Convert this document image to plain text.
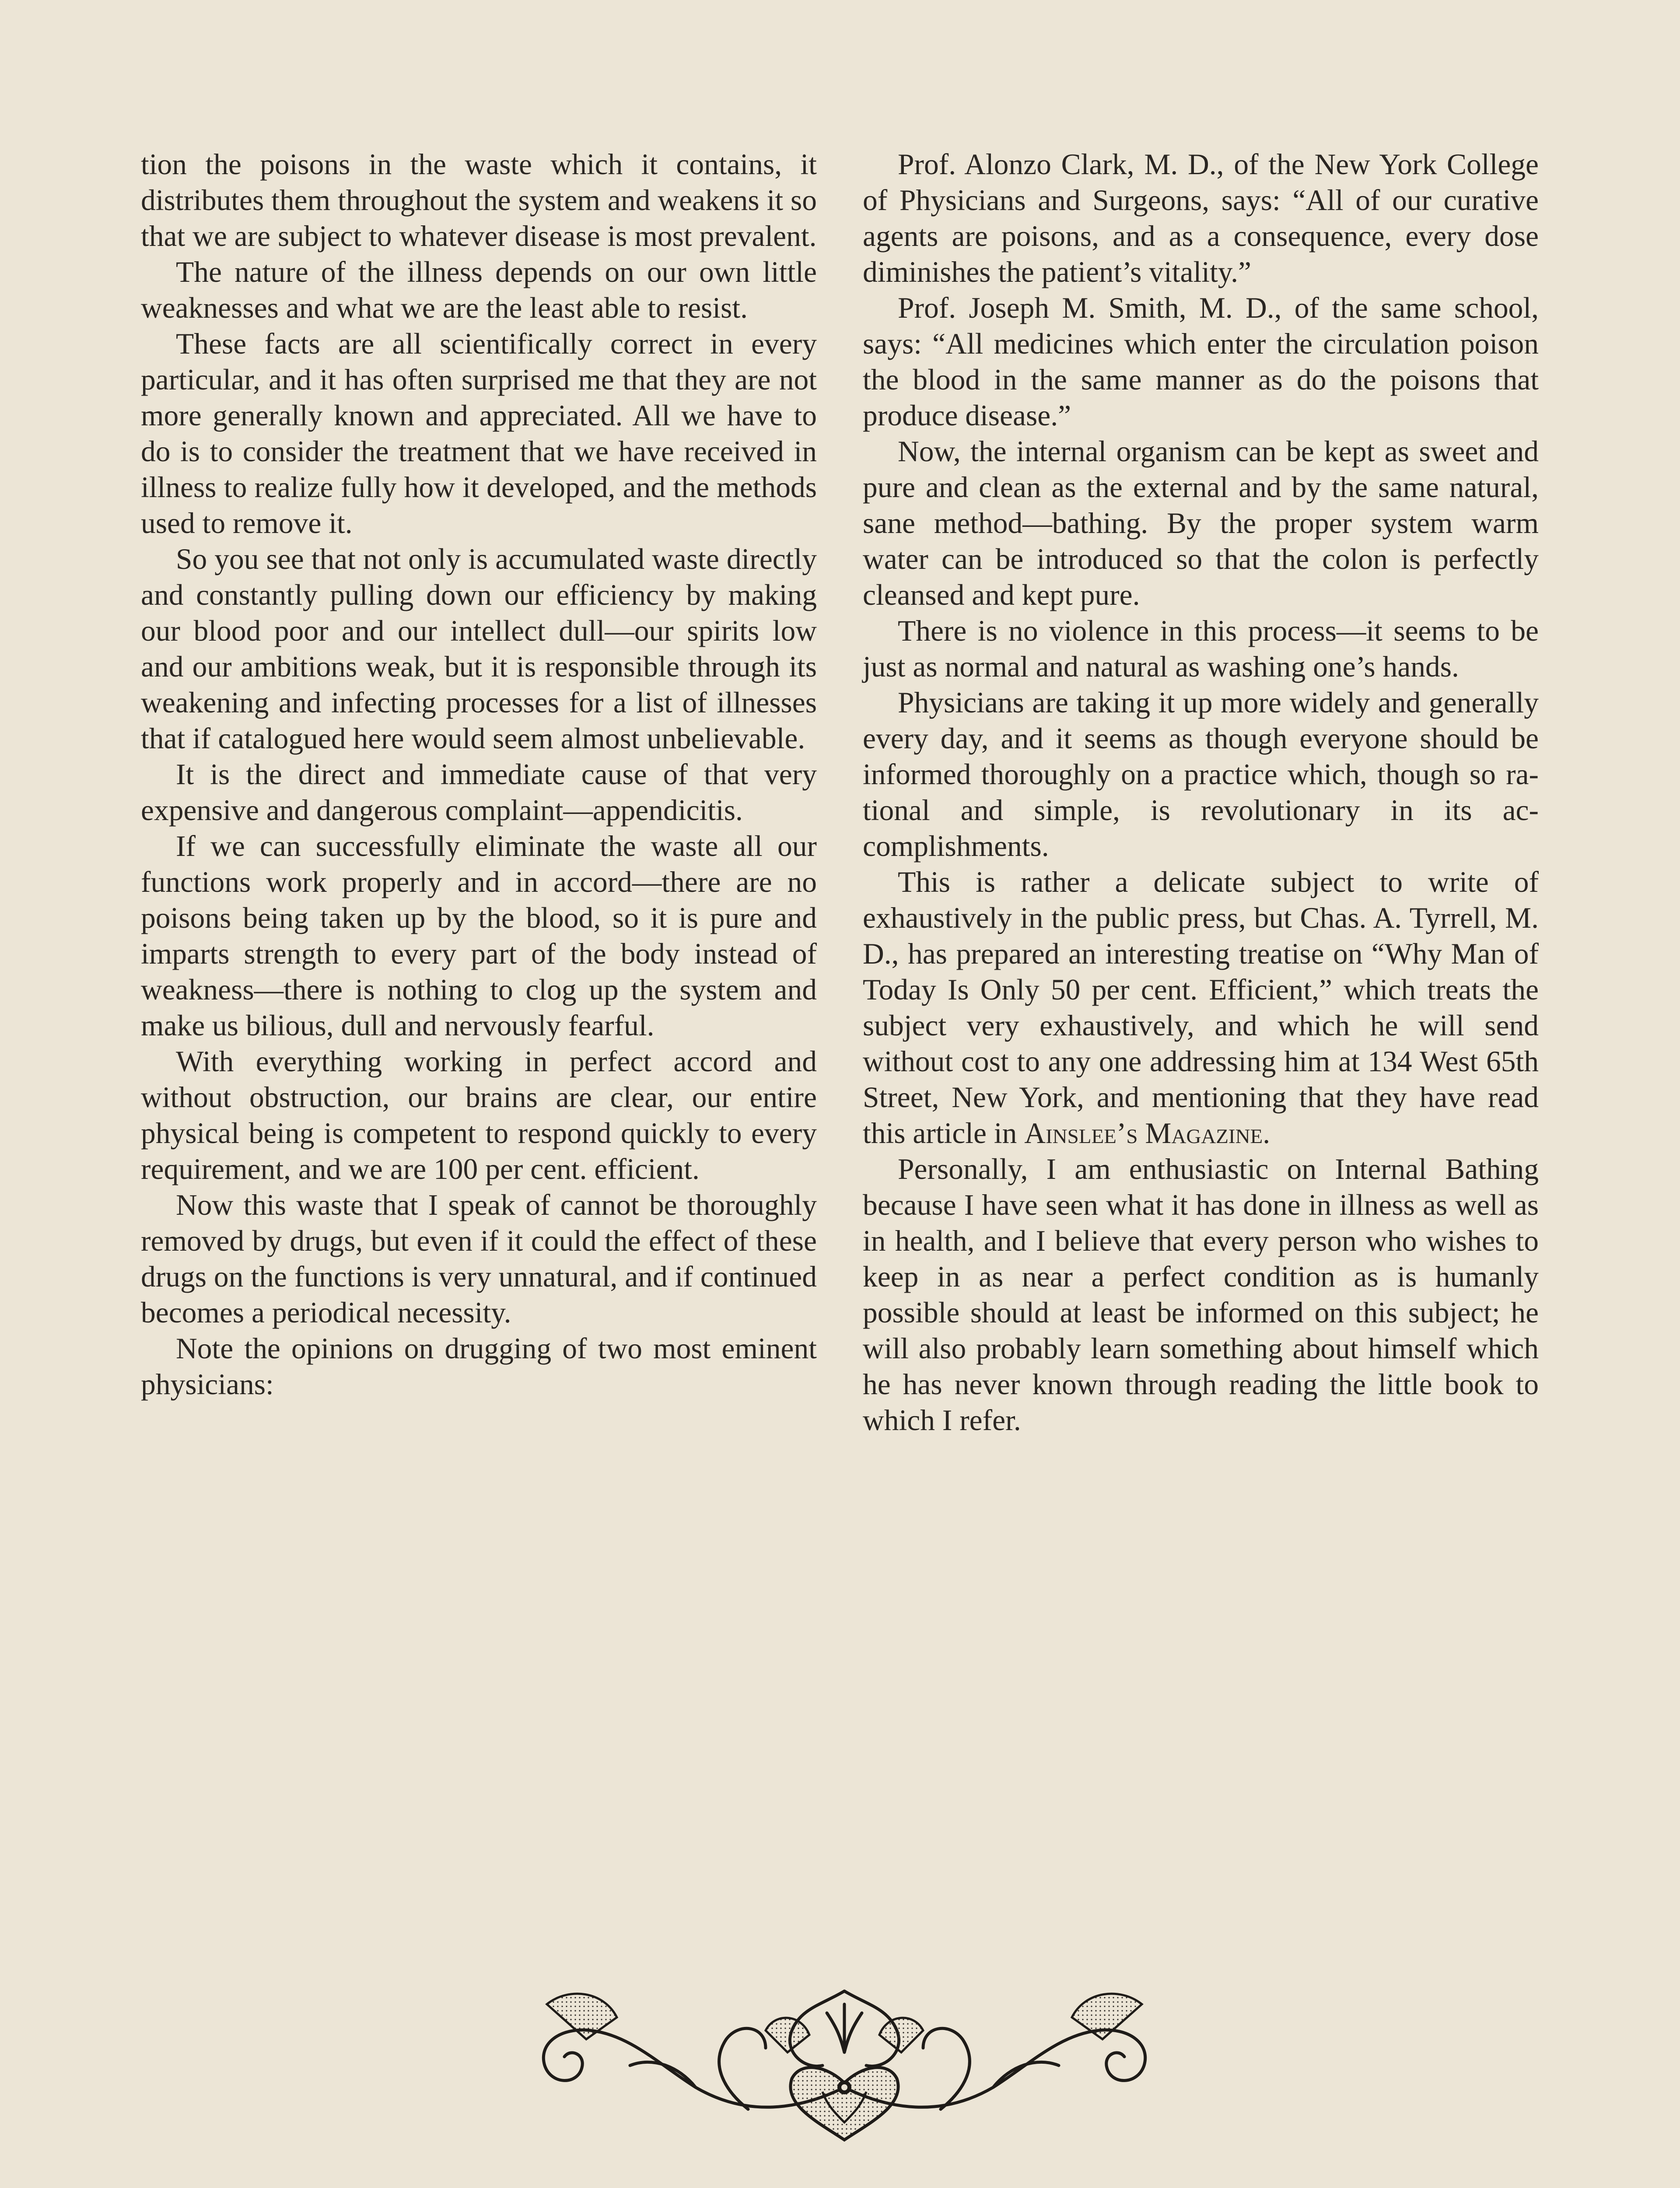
tion the poisons in the waste which it contains, it distributes them throughout the system and weakens it so that we are subject to whatever disease is most prevalent.

The nature of the illness depends on our own little weaknesses and what we are the least able to resist.

These facts are all scientifically correct in every particular, and it has often surprised me that they are not more generally known and appreciated. All we have to do is to consider the treatment that we have received in illness to realize fully how it developed, and the methods used to remove it.

So you see that not only is accumulated waste directly and constantly pulling down our efficiency by making our blood poor and our intellect dull—our spirits low and our ambitions weak, but it is responsible through its weakening and infecting processes for a list of illnesses that if catalogued here would seem almost unbelievable.

It is the direct and immediate cause of that very expensive and dangerous complaint—appendicitis.

If we can successfully eliminate the waste all our functions work properly and in accord—there are no poisons being taken up by the blood, so it is pure and imparts strength to every part of the body instead of weakness—there is nothing to clog up the system and make us bilious, dull and nervously fearful.

With everything working in perfect accord and without obstruction, our brains are clear, our entire physical being is competent to respond quickly to every requirement, and we are 100 per cent. efficient.

Now this waste that I speak of cannot be thoroughly removed by drugs, but even if it could the effect of these drugs on the functions is very unnatural, and if continued becomes a periodical necessity.

Note the opinions on drugging of two most eminent physicians:

Prof. Alonzo Clark, M. D., of the New York College of Physicians and Surgeons, says: “All of our curative agents are poisons, and as a consequence, every dose diminishes the patient’s vitality.”

Prof. Joseph M. Smith, M. D., of the same school, says: “All medicines which enter the circulation poison the blood in the same manner as do the poisons that produce disease.”

Now, the internal organism can be kept as sweet and pure and clean as the external and by the same natural, sane method—bathing. By the proper system warm water can be introduced so that the colon is perfectly cleansed and kept pure.

There is no violence in this process—it seems to be just as normal and natural as washing one’s hands.

Physicians are taking it up more widely and generally every day, and it seems as though everyone should be informed thoroughly on a practice which, though so rational and simple, is revolutionary in its accomplishments.

This is rather a delicate subject to write of exhaustively in the public press, but Chas. A. Tyrrell, M. D., has prepared an interesting treatise on “Why Man of Today Is Only 50 per cent. Efficient,” which treats the subject very exhaustively, and which he will send without cost to any one addressing him at 134 West 65th Street, New York, and mentioning that they have read this article in Ainslee’s Magazine.

Personally, I am enthusiastic on Internal Bathing because I have seen what it has done in illness as well as in health, and I believe that every person who wishes to keep in as near a perfect condition as is humanly possible should at least be informed on this subject; he will also probably learn something about himself which he has never known through reading the little book to which I refer.
